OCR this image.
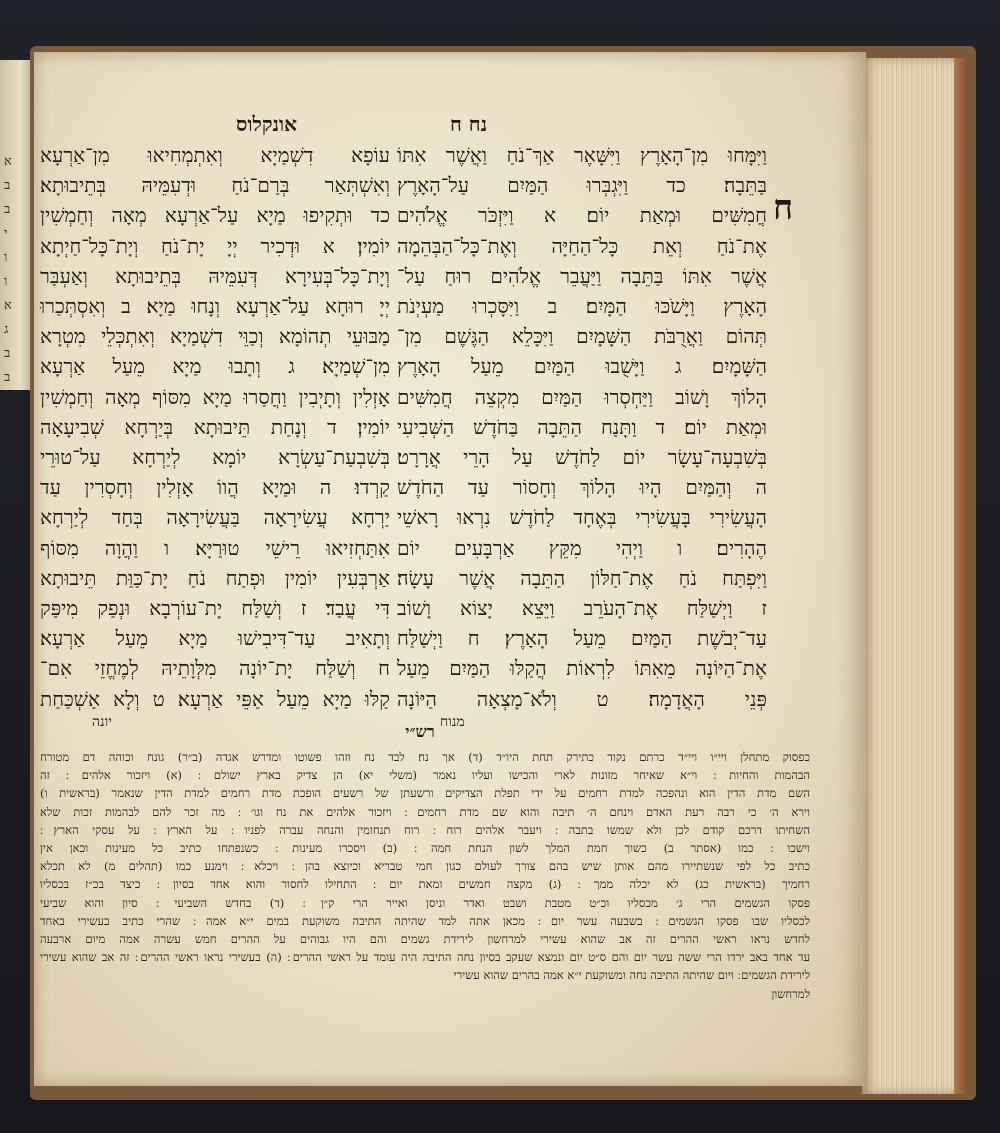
א
ב
ב
י
ו
ו
א
ג
ב
ב
ד
נח ח
אונקלוס
ח
וַיִּמָּחוּ מִן־הָאָרֶץ וַיִּשָּׁאֶר אַךְ־נֹחַ וַאֲשֶׁר אִתּוֹ
בַּתֵּבָה׃ כד וַיִּגְבְּרוּ הַמַּיִם עַל־הָאָרֶץ
חֲמִשִּׁים וּמְאַת יוֹם׃ א וַיִּזְכֹּר אֱלֹהִים
אֶת־נֹחַ וְאֵת כָּל־הַחַיָּה וְאֶת־כָּל־הַבְּהֵמָה
אֲשֶׁר אִתּוֹ בַּתֵּבָה וַיַּעֲבֵר אֱלֹהִים רוּחַ עַל־
הָאָרֶץ וַיָּשֹׁכּוּ הַמָּיִם׃ ב וַיִּסָּכְרוּ מַעְיְנֹת
תְּהוֹם וַאֲרֻבֹּת הַשָּׁמָיִם וַיִּכָּלֵא הַגֶּשֶׁם מִן־
הַשָּׁמָיִם׃ ג וַיָּשֻׁבוּ הַמַּיִם מֵעַל הָאָרֶץ
הָלוֹךְ וָשׁוֹב וַיַּחְסְרוּ הַמַּיִם מִקְצֵה חֲמִשִּׁים
וּמְאַת יוֹם׃ ד וַתָּנַח הַתֵּבָה בַּחֹדֶשׁ הַשְּׁבִיעִי
בְּשִׁבְעָה־עָשָׂר יוֹם לַחֹדֶשׁ עַל הָרֵי אֲרָרָט׃
ה וְהַמַּיִם הָיוּ הָלוֹךְ וְחָסוֹר עַד הַחֹדֶשׁ
הָעֲשִׂירִי בָּעֲשִׂירִי בְּאֶחָד לַחֹדֶשׁ נִרְאוּ רָאשֵׁי
הֶהָרִים׃ ו וַיְהִי מִקֵּץ אַרְבָּעִים יוֹם
וַיִּפְתַּח נֹחַ אֶת־חַלּוֹן הַתֵּבָה אֲשֶׁר עָשָׂה׃
ז וַיְשַׁלַּח אֶת־הָעֹרֵב וַיֵּצֵא יָצוֹא וָשׁוֹב
עַד־יְבֹשֶׁת הַמַּיִם מֵעַל הָאָרֶץ׃ ח וַיְשַׁלַּח
אֶת־הַיּוֹנָה מֵאִתּוֹ לִרְאוֹת הֲקַלּוּ הַמַּיִם מֵעַל
פְּנֵי הָאֲדָמָה׃ ט וְלֹא־מָצְאָה הַיּוֹנָה
עוֹפָא דִשְׁמַיָא וְאִתְמְחִיאוּ מִן־אַרְעָא
וְאִשְׁתְּאַר בְּרַם־נֹחַ וּדְעִמֵּיהּ בְּתֵיבוּתָא׃
כד וּתְקִיפוּ מַיָא עַל־אַרְעָא מְאָה וְחַמְשִׁין
יוֹמִין׃ א וּדְכִיר יְיָ יָת־נֹחַ וְיָת־כָּל־חַיְתָא
וְיָת־כָּל־בְּעִירָא דְּעִמֵּיהּ בְּתֵיבוּתָא וְאַעְבַּר
יְיָ רוּחָא עַל־אַרְעָא וְנָחוּ מַיָא׃ ב וְאִסְתְּכַרוּ
מַבּוּעֵי תְהוֹמָא וְכַוֵּי דִשְׁמַיָא וְאִתְכְּלֵי מִטְרָא
מִן־שְׁמַיָא׃ ג וְתָבוּ מַיָא מֵעַל אַרְעָא
אָזְלִין וְתָיְבִין וַחֲסַרוּ מַיָא מִסּוֹף מְאָה וְחַמְשִׁין
יוֹמִין׃ ד וְנָחַת תֵּיבוּתָא בְּיַרְחָא שְׁבִיעָאָה
בְּשִׁבְעַת־עַשְׂרָא יוֹמָא לְיַרְחָא עַל־טוּרֵי
קַרְדוּ׃ ה וּמַיָא הֲווֹ אָזְלִין וְחָסְרִין עַד
יַרְחָא עֲשִׂירָאָה בַּעֲשִׂירָאָה בְּחַד לְיַרְחָא
אִתַּחְזִיאוּ רֵישֵׁי טוּרַיָּא׃ ו וַהֲוָה מִסּוֹף
אַרְבְּעִין יוֹמִין וּפְתַח נֹחַ יָת־כַּוַּת תֵּיבוּתָא
דִּי עֲבַד׃ ז וְשַׁלַּח יָת־עוֹרְבָא וּנְפַק מִיפַּק
וְתָאִיב עַד־דִּיבִישׁוּ מַיָא מֵעַל אַרְעָא׃
ח וְשַׁלַּח יָת־יוֹנָה מִלְּוָתֵיהּ לְמֶחֱזֵי אִם־
קַלּוּ מַיָא מֵעַל אַפֵּי אַרְעָא׃ ט וְלָא אַשְׁכַּחַת
מנוח
יונה	רש״י
כפסוק מתחלן ויי״ו ויי״ד כרתם נקוד כתירק תחת היו״ד (ד) אך נח׃ לבד נח וזהו פשוטו ומדרש אגדה (ב״ר) גונח וכוהה דם מטורח
הבהמות והחיות ׃ וי״א שאיחר מזונות לארי והכישו ועליו נאמר (משלי יא) הן צדיק בארץ ישולם ׃ (א) ויזכור אלהים ׃ זה
השם מדת הדין הוא ונהפכה למדת רחמים על ידי תפלת הצדיקים ורשעתן של רשעים הופכת מדת רחמים למדת הדין שנאמר (בראשית ו)
וירא ה׳ כי רבה רעת האדם וינחם ה׳ תיבה והוא שם מדת רחמים ׃ ויזכור אלהים את נח וגו׳ ׃ מה זכר להם לבהמות זכות שלא
השחיתו דרכם קודם לכן ולא שמשו בתבה ׃ ויעבר אלהים רוח ׃ רוח תנחומין והנחה עברה לפניו ׃ על הארץ ׃ על עסקי הארץ ׃
וישכו ׃ כמו (אסתר ב) כשוך חמת המלך לשון הנחת חמה ׃ (ב) ויסכרו מעינות ׃ כשנפתחו כתיב כל מעינות וכאן אין
כתיב כל לפי שנשתיירו מהם אותן שיש בהם צורך לעולם כגון חמי טבריא וכיוצא בהן ׃ ויכלא ׃ וימנע כמו (תהלים מ) לא תכלא
רחמיך (בראשית כג) לא יכלה ממך ׃ (ג) מקצה חמשים ומאת יום ׃ התחילו לחסור והוא אחד בסיון ׃ כיצד בכ״ז בכסליו
פסקו הגשמים הרי ג׳ מכסליו וכ״ט מטבת ושבט ואדר וניסן ואייר הרי ק״ן ׃ (ד) בחדש השביעי ׃ סיון והוא שביעי
לכסליו שבו פסקו הגשמים ׃ בשבעה עשר יום ׃ מכאן אתה למד שהיתה התיבה משוקעת במים י״א אמה ׃ שהרי כתיב בעשירי באחד
לחדש נראו ראשי ההרים זה אב שהוא עשירי למרחשון לירידת גשמים והם היו גבוהים על ההרים חמש עשרה אמה מיום ארבעה
עד אחד באב ירדו הרי ששה עשר יום והם ס״ט יום ונמצא שעקב בסיון נחה התיבה היה עומד על ראשי ההרים ׃ (ה) בעשירי נראו ראשי ההרים ׃ זה אב שהוא עשירי
לירידת הגשמים ׃ ויום שהיתה התיבה נחה ומשוקעת י״א אמה בהרים שהוא עשירי
למרחשון
